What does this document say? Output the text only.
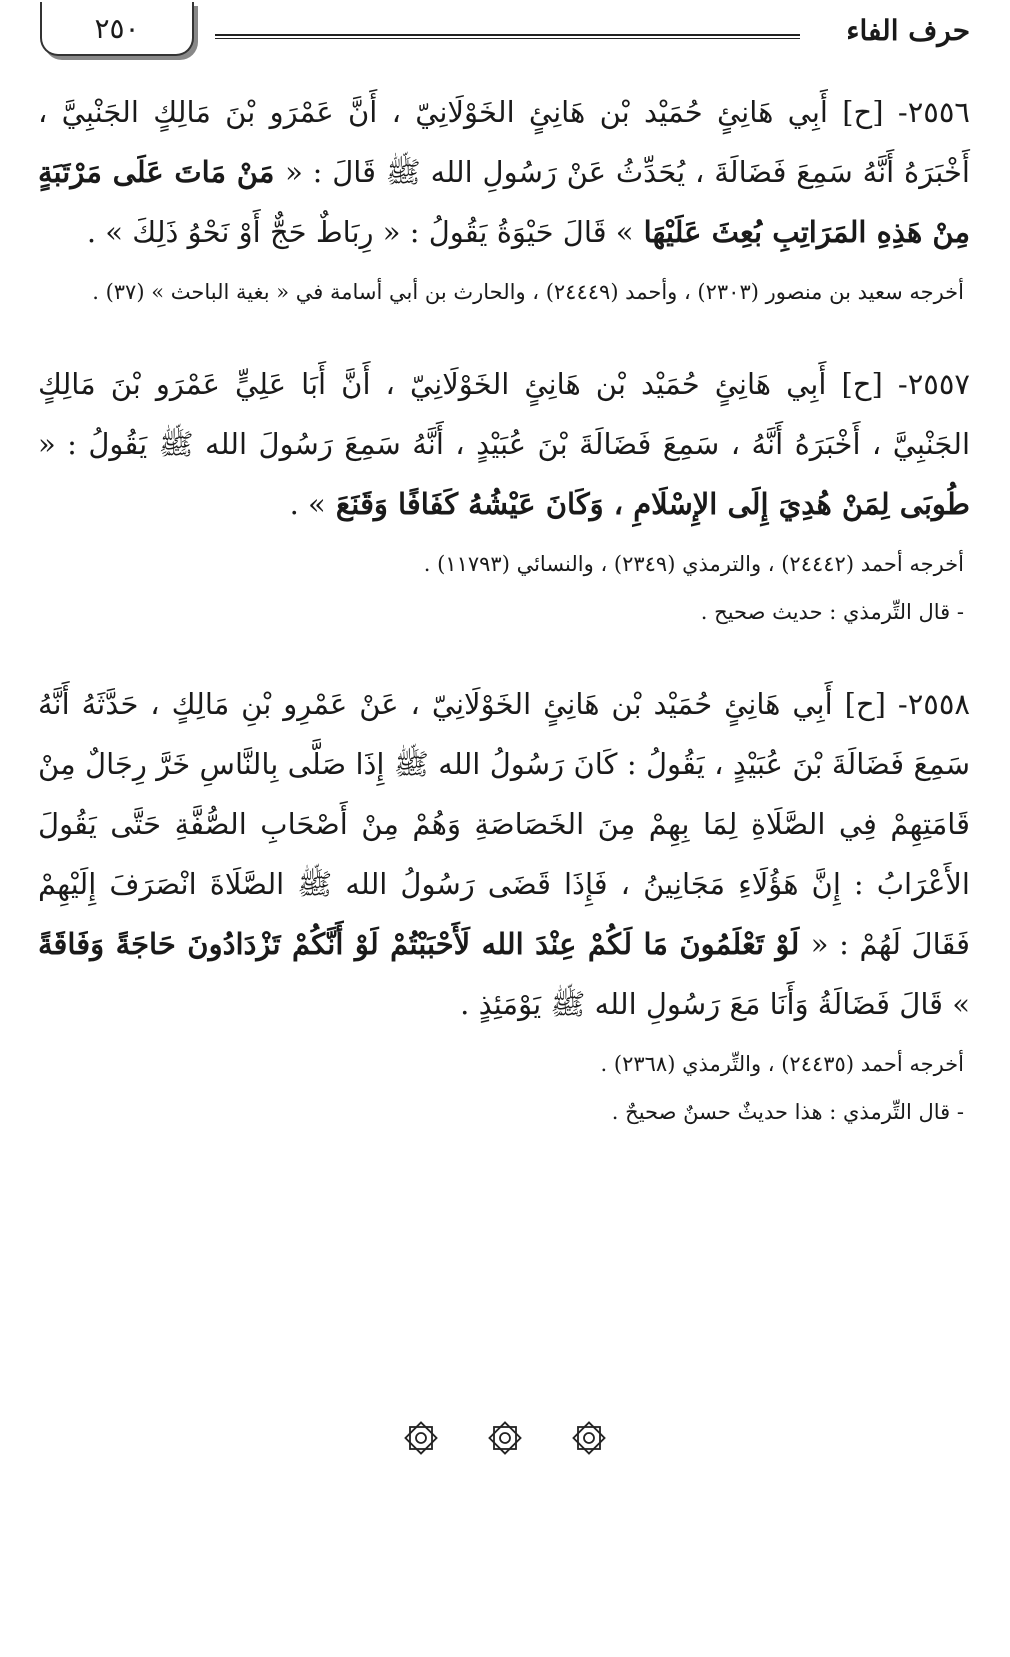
٢٥٠	حرف الفاء

٢٥٥٦- [ح] أَبِي هَانِئٍ حُمَيْد بْن هَانِئٍ الخَوْلَانِيّ ، أَنَّ عَمْرَو بْنَ مَالِكٍ الجَنْبِيَّ ، أَخْبَرَهُ أَنَّهُ سَمِعَ فَضَالَةَ ، يُحَدِّثُ عَنْ رَسُولِ الله ﷺ قَالَ : « مَنْ مَاتَ عَلَى مَرْتَبَةٍ مِنْ هَذِهِ المَرَاتِبِ بُعِثَ عَلَيْهَا » قَالَ حَيْوَةُ يَقُولُ : « رِبَاطٌ حَجٌّ أَوْ نَحْوُ ذَلِكَ » .

أخرجه سعيد بن منصور (٢٣٠٣) ، وأحمد (٢٤٤٤٩) ، والحارث بن أبي أسامة في « بغية الباحث » (٣٧) .

٢٥٥٧- [ح] أَبِي هَانِئٍ حُمَيْد بْن هَانِئٍ الخَوْلَانِيّ ، أَنَّ أَبَا عَلِيٍّ عَمْرَو بْنَ مَالِكٍ الجَنْبِيَّ ، أَخْبَرَهُ أَنَّهُ ، سَمِعَ فَضَالَةَ بْنَ عُبَيْدٍ ، أَنَّهُ سَمِعَ رَسُولَ الله ﷺ يَقُولُ : « طُوبَى لِمَنْ هُدِيَ إِلَى الإِسْلَامِ ، وَكَانَ عَيْشُهُ كَفَافًا وَقَنَعَ » .

أخرجه أحمد (٢٤٤٤٢) ، والترمذي (٢٣٤٩) ، والنسائي (١١٧٩٣) .

- قال التِّرمذي : حديث صحيح .

٢٥٥٨- [ح] أَبِي هَانِئٍ حُمَيْد بْن هَانِئٍ الخَوْلَانِيّ ، عَنْ عَمْرِو بْنِ مَالِكٍ ، حَدَّثَهُ أَنَّهُ سَمِعَ فَضَالَةَ بْنَ عُبَيْدٍ ، يَقُولُ : كَانَ رَسُولُ الله ﷺ إِذَا صَلَّى بِالنَّاسِ خَرَّ رِجَالٌ مِنْ قَامَتِهِمْ فِي الصَّلَاةِ لِمَا بِهِمْ مِنَ الخَصَاصَةِ وَهُمْ مِنْ أَصْحَابِ الصُّفَّةِ حَتَّى يَقُولَ الأَعْرَابُ : إِنَّ هَؤُلَاءِ مَجَانِينُ ، فَإِذَا قَضَى رَسُولُ الله ﷺ الصَّلَاةَ انْصَرَفَ إِلَيْهِمْ فَقَالَ لَهُمْ : « لَوْ تَعْلَمُونَ مَا لَكُمْ عِنْدَ الله لَأَحْبَبْتُمْ لَوْ أَنَّكُمْ تَزْدَادُونَ حَاجَةً وَفَاقَةً » قَالَ فَضَالَةُ وَأَنَا مَعَ رَسُولِ الله ﷺ يَوْمَئِذٍ .

أخرجه أحمد (٢٤٤٣٥) ، والتِّرمذي (٢٣٦٨) .

- قال التِّرمذي : هذا حديثٌ حسنٌ صحيحٌ .
